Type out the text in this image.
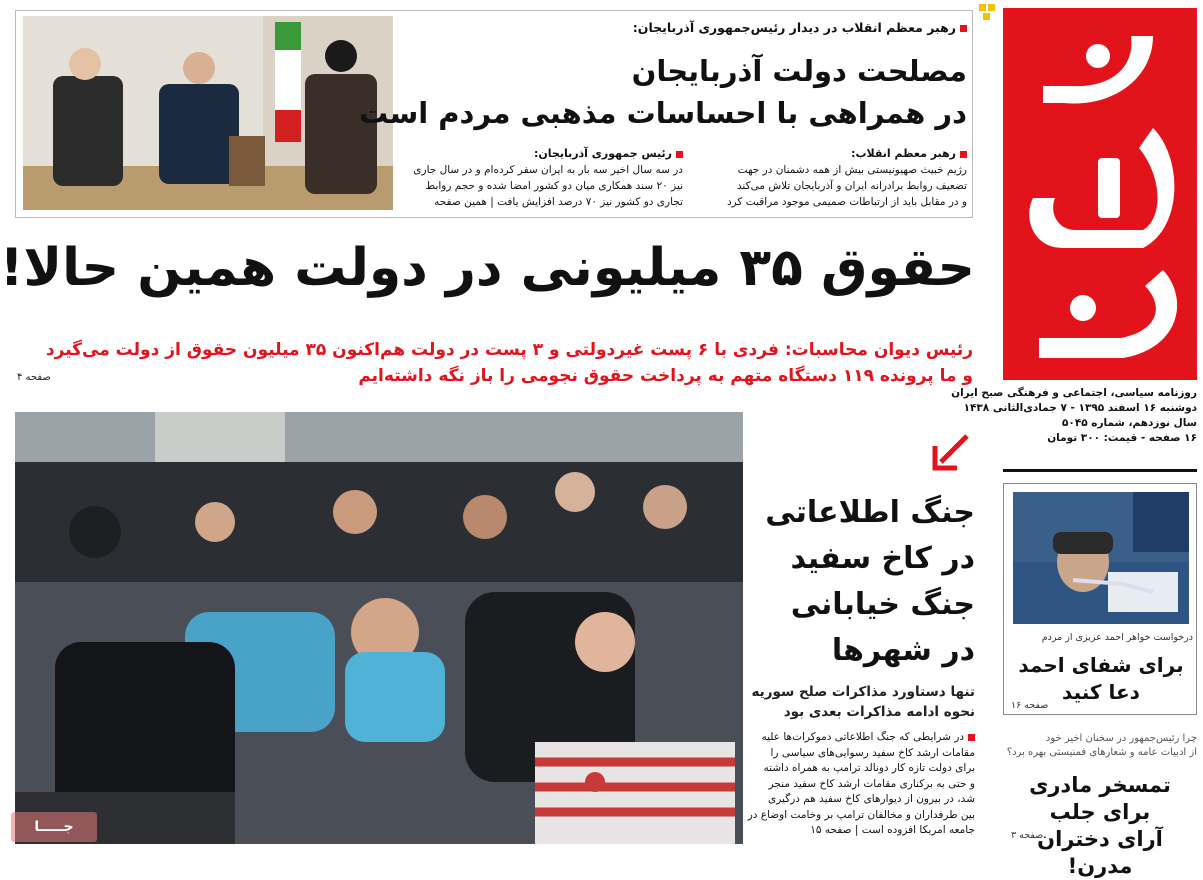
روزنامه سیاسی، اجتماعی و فرهنگی صبح ایران
دوشنبه ۱۶ اسفند ۱۳۹۵ - ۷ جمادی‌الثانی ۱۴۳۸
سال نوزدهم، شماره ۵۰۴۵
۱۶ صفحه - قیمت: ۳۰۰ تومان
درخواست خواهر احمد عزیزی از مردم
برای شفای احمد
دعا کنید
صفحه ۱۶
چرا رئیس‌جمهور در سخنان اخیر خود
از ادبیات عامه و شعارهای فمنیستی بهره برد؟
تمسخر مادری برای جلب
آرای دختران مدرن!
صفحه ۳
رهبر معظم انقلاب در دیدار رئیس‌جمهوری آذربایجان:
مصلحت دولت آذربایجان
در همراهی با احساسات مذهبی مردم است
رهبر معظم انقلاب:
رژیم خبیث صهیونیستی بیش از همه دشمنان در جهت
تضعیف روابط برادرانه ایران و آذربایجان تلاش می‌کند
و در مقابل باید از ارتباطات صمیمی موجود مراقبت کرد
رئیس جمهوری آذربایجان:
در سه سال اخیر سه بار به ایران سفر کرده‌ام و در سال جاری
نیز ۲۰ سند همکاری میان دو کشور امضا شده و حجم روابط
تجاری دو کشور نیز ۷۰ درصد افزایش یافت | همین صفحه
حقوق ۳۵ میلیونی در دولت همین حالا!
رئیس دیوان محاسبات: فردی با ۶ پست غیردولتی و ۳ پست در دولت هم‌اکنون ۳۵ میلیون حقوق از دولت می‌گیرد
و ما پرونده ۱۱۹ دستگاه متهم به پرداخت حقوق نجومی را باز نگه داشته‌ایم
صفحه ۴
جـــــا
جنگ اطلاعاتی
در کاخ سفید
جنگ خیابانی
در شهرها
تنها دستاورد مذاکرات صلح سوریه
نحوه ادامه مذاکرات بعدی بود
در شرایطی که جنگ اطلاعاتی دموکرات‌ها علیه
مقامات ارشد کاخ سفید رسوایی‌های سیاسی را
برای دولت تازه کار دونالد ترامپ به همراه داشته
و حتی به برکناری مقامات ارشد کاخ سفید منجر
شد، در بیرون از دیوارهای کاخ سفید هم درگیری
بین طرفداران و مخالفان ترامپ بر وخامت اوضاع در
جامعه امریکا افزوده است | صفحه ۱۵
